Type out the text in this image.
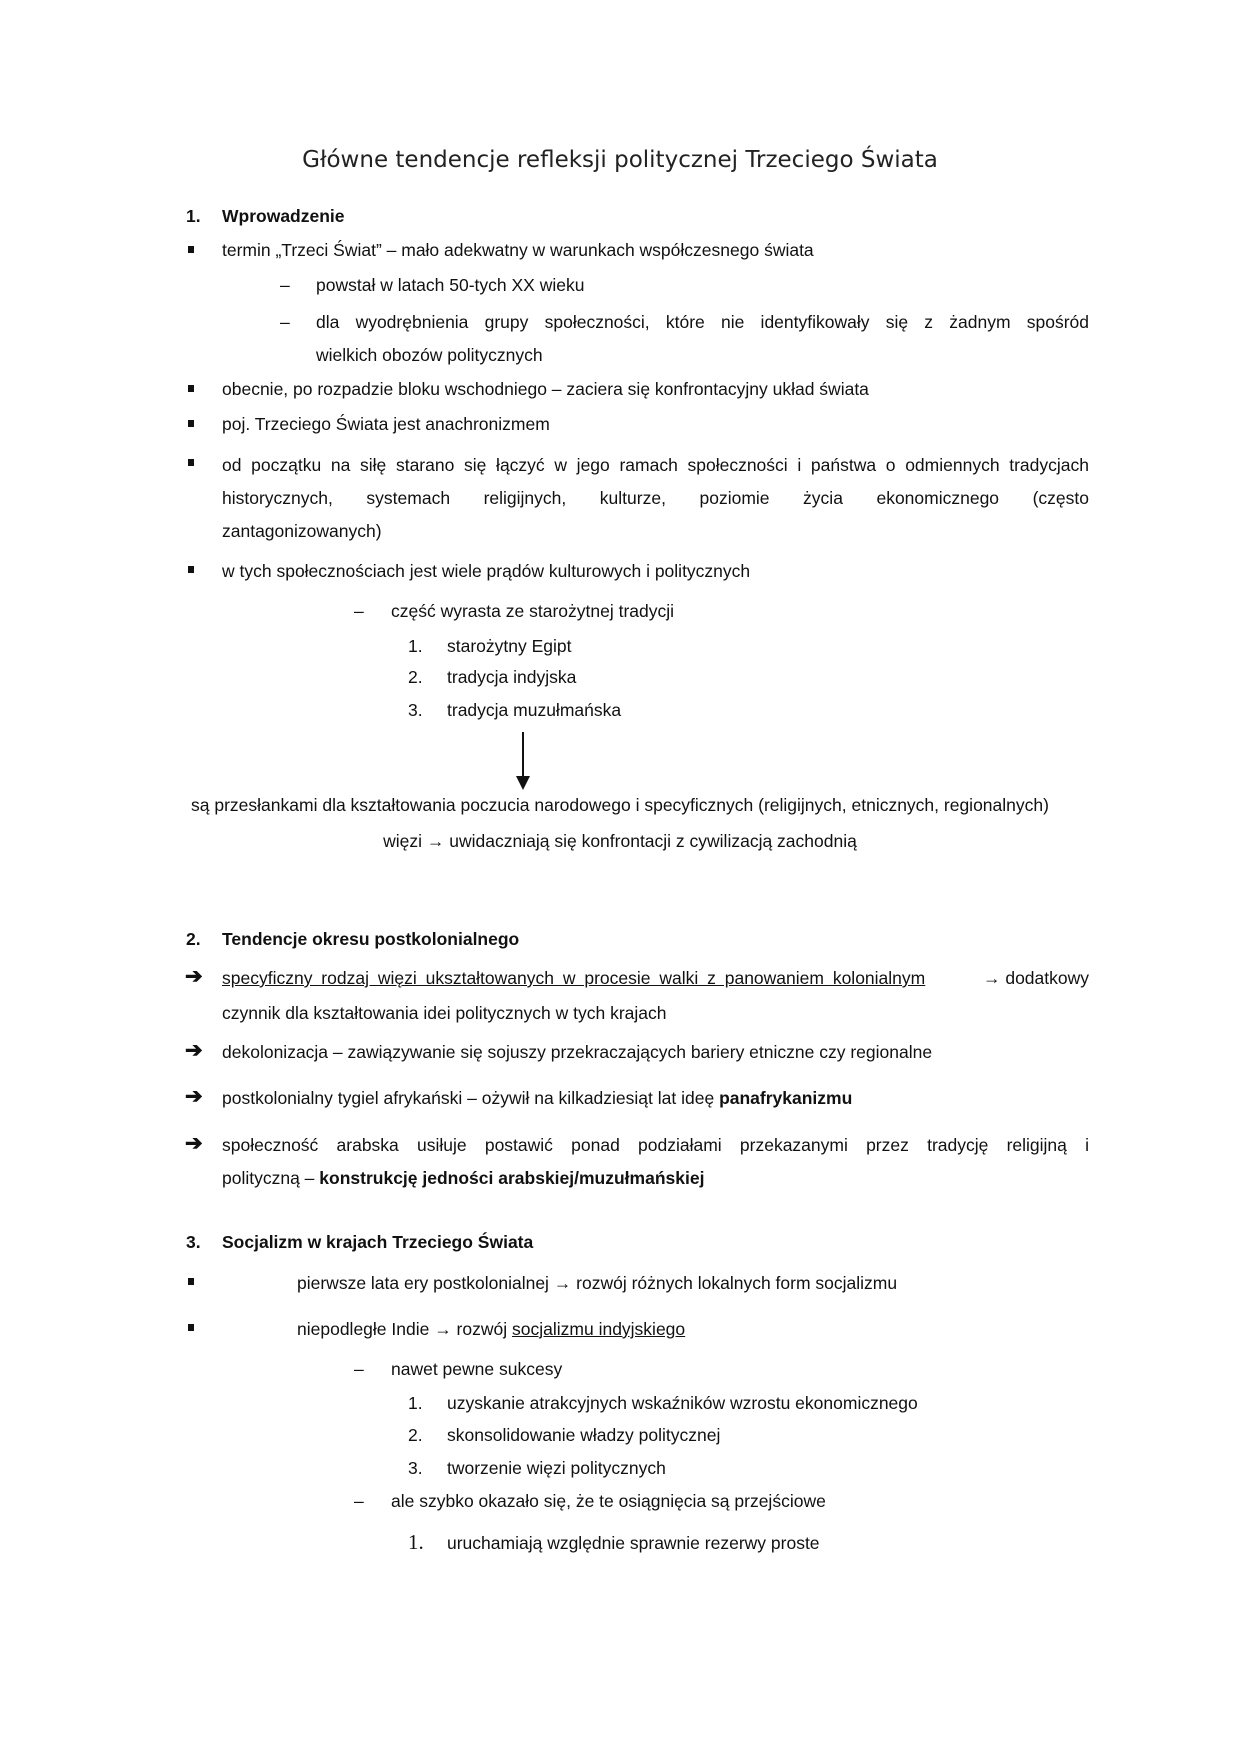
Główne tendencje refleksji politycznej Trzeciego Świata
1. Wprowadzenie
termin „Trzeci Świat” – mało adekwatny w warunkach współczesnego świata
– powstał w latach 50-tych XX wieku
– dla wyodrębnienia grupy społeczności, które nie identyfikowały się z żadnym spośród
wielkich obozów politycznych
obecnie, po rozpadzie bloku wschodniego – zaciera się konfrontacyjny układ świata
poj. Trzeciego Świata jest anachronizmem
od początku na siłę starano się łączyć w jego ramach społeczności i państwa o odmiennych tradycjach
historycznych, systemach religijnych, kulturze, poziomie życia ekonomicznego (często
zantagonizowanych)
w tych społecznościach jest wiele prądów kulturowych i politycznych
– część wyrasta ze starożytnej tradycji
1. starożytny Egipt
2. tradycja indyjska
3. tradycja muzułmańska
są przesłankami dla kształtowania poczucia narodowego i specyficznych (religijnych, etnicznych, regionalnych)
więzi → uwidaczniają się konfrontacji z cywilizacją zachodnią
2. Tendencje okresu postkolonialnego
➔ specyficzny rodzaj więzi ukształtowanych w procesie walki z panowaniem kolonialnym	→ dodatkowy
czynnik dla kształtowania idei politycznych w tych krajach
➔ dekolonizacja – zawiązywanie się sojuszy przekraczających bariery etniczne czy regionalne
➔ postkolonialny tygiel afrykański – ożywił na kilkadziesiąt lat ideę panafrykanizmu
➔ społeczność arabska usiłuje postawić ponad podziałami przekazanymi przez tradycję religijną i
polityczną – konstrukcję jedności arabskiej/muzułmańskiej
3. Socjalizm w krajach Trzeciego Świata
pierwsze lata ery postkolonialnej → rozwój różnych lokalnych form socjalizmu
niepodległe Indie → rozwój socjalizmu indyjskiego
– nawet pewne sukcesy
1. uzyskanie atrakcyjnych wskaźników wzrostu ekonomicznego
2. skonsolidowanie władzy politycznej
3. tworzenie więzi politycznych
– ale szybko okazało się, że te osiągnięcia są przejściowe
1. uruchamiają względnie sprawnie rezerwy proste
